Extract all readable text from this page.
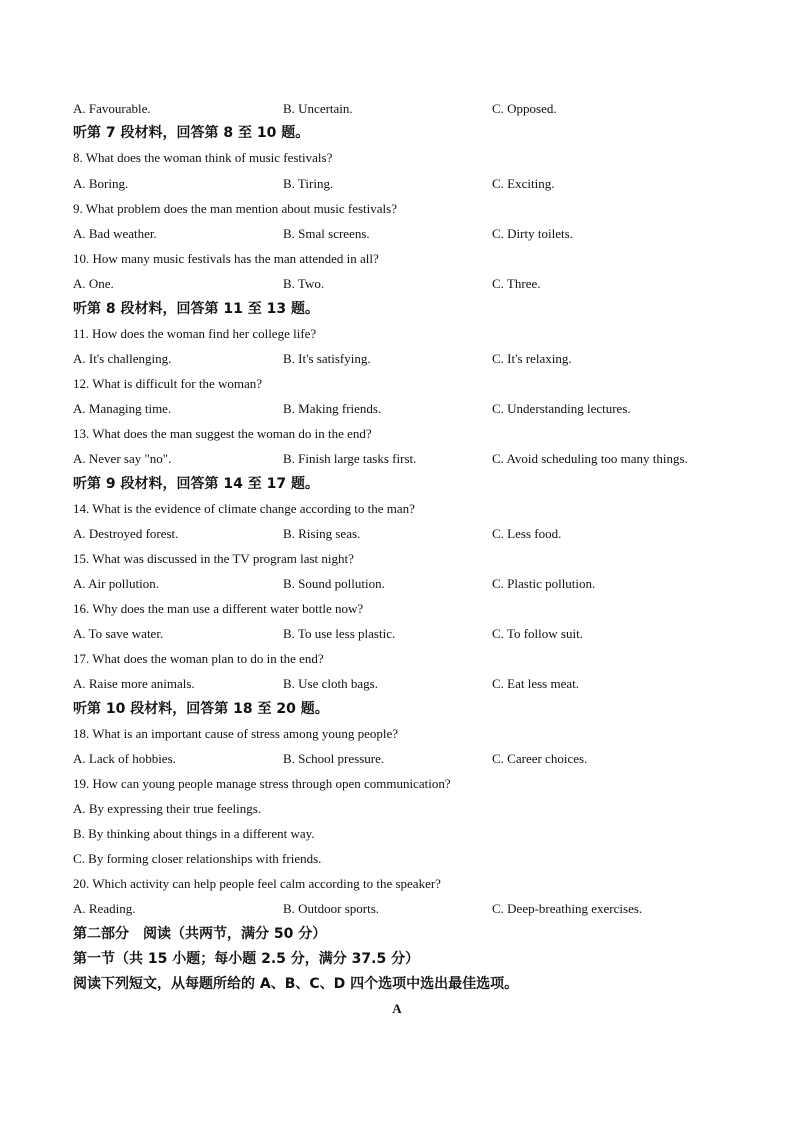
A. Favourable.	B. Uncertain.	C. Opposed.
听第 7 段材料，回答第 8 至 10 题。
8. What does the woman think of music festivals?
A. Boring.	B. Tiring.	C. Exciting.
9. What problem does the man mention about music festivals?
A. Bad weather.	B. Smal screens.	C. Dirty toilets.
10. How many music festivals has the man attended in all?
A. One.	B. Two.	C. Three.
听第 8 段材料，回答第 11 至 13 题。
11. How does the woman find her college life?
A. It's challenging.	B. It's satisfying.	C. It's relaxing.
12. What is difficult for the woman?
A. Managing time.	B. Making friends.	C. Understanding lectures.
13. What does the man suggest the woman do in the end?
A. Never say "no".	B. Finish large tasks first.	C. Avoid scheduling too many things.
听第 9 段材料，回答第 14 至 17 题。
14. What is the evidence of climate change according to the man?
A. Destroyed forest.	B. Rising seas.	C. Less food.
15. What was discussed in the TV program last night?
A. Air pollution.	B. Sound pollution.	C. Plastic pollution.
16. Why does the man use a different water bottle now?
A. To save water.	B. To use less plastic.	C. To follow suit.
17. What does the woman plan to do in the end?
A. Raise more animals.	B. Use cloth bags.	C. Eat less meat.
听第 10 段材料，回答第 18 至 20 题。
18. What is an important cause of stress among young people?
A. Lack of hobbies.	B. School pressure.	C. Career choices.
19. How can young people manage stress through open communication?
A. By expressing their true feelings.
B. By thinking about things in a different way.
C. By forming closer relationships with friends.
20. Which activity can help people feel calm according to the speaker?
A. Reading.	B. Outdoor sports.	C. Deep-breathing exercises.
第二部分　阅读（共两节，满分 50 分）
第一节（共 15 小题；每小题 2.5 分，满分 37.5 分）
阅读下列短文，从每题所给的 A、B、C、D 四个选项中选出最佳选项。
A
